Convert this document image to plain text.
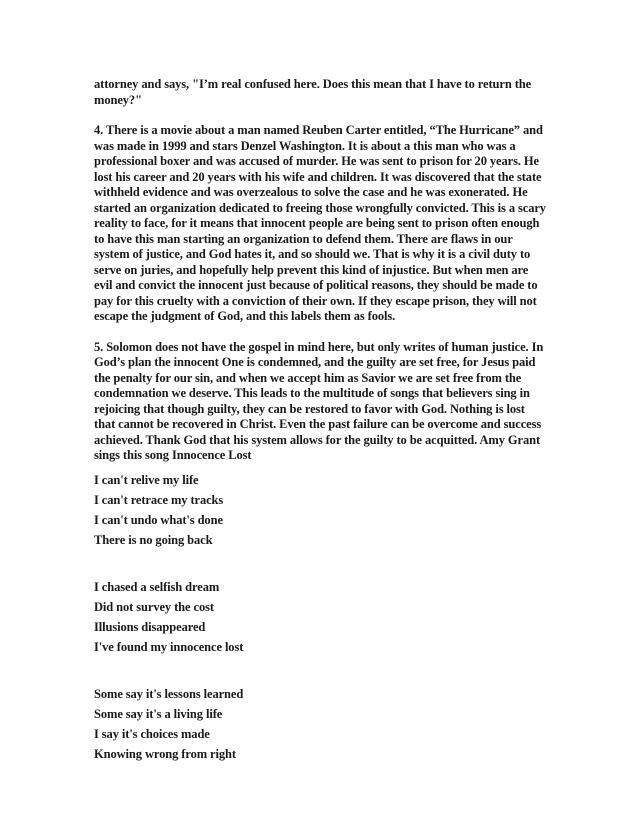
attorney and says, "I’m real confused here. Does this mean that I have to return the money?"

4. There is a movie about a man named Reuben Carter entitled, “The Hurricane” and was made in 1999 and stars Denzel Washington. It is about a this man who was a professional boxer and was accused of murder. He was sent to prison for 20 years. He lost his career and 20 years with his wife and children. It was discovered that the state withheld evidence and was overzealous to solve the case and he was exonerated. He started an organization dedicated to freeing those wrongfully convicted. This is a scary reality to face, for it means that innocent people are being sent to prison often enough to have this man starting an organization to defend them. There are flaws in our system of justice, and God hates it, and so should we. That is why it is a civil duty to serve on juries, and hopefully help prevent this kind of injustice. But when men are evil and convict the innocent just because of political reasons, they should be made to pay for this cruelty with a conviction of their own. If they escape prison, they will not escape the judgment of God, and this labels them as fools.

5. Solomon does not have the gospel in mind here, but only writes of human justice. In God’s plan the innocent One is condemned, and the guilty are set free, for Jesus paid the penalty for our sin, and when we accept him as Savior we are set free from the condemnation we deserve. This leads to the multitude of songs that believers sing in rejoicing that though guilty, they can be restored to favor with God. Nothing is lost that cannot be recovered in Christ. Even the past failure can be overcome and success achieved. Thank God that his system allows for the guilty to be acquitted. Amy Grant sings this song Innocence Lost

I can't relive my life
I can't retrace my tracks
I can't undo what's done
There is no going back
I chased a selfish dream
Did not survey the cost
Illusions disappeared
I've found my innocence lost
Some say it's lessons learned
Some say it's a living life
I say it's choices made
Knowing wrong from right
